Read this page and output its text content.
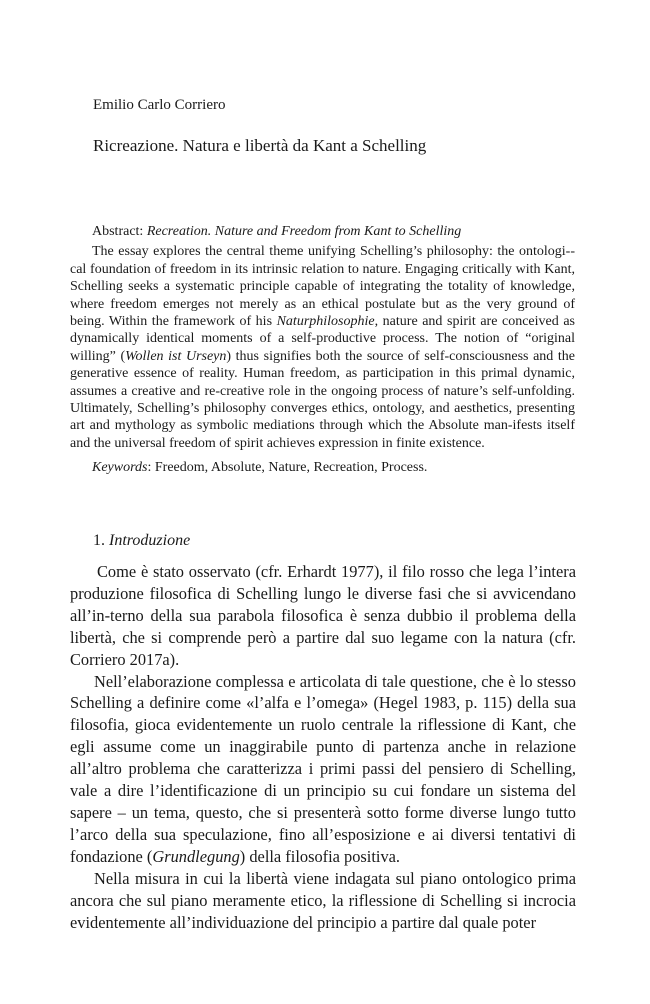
Emilio Carlo Corriero

Ricreazione. Natura e libertà da Kant a Schelling

Abstract: Recreation. Nature and Freedom from Kant to Schelling

The essay explores the central theme unifying Schelling’s philosophy: the ontologi-cal foundation of freedom in its intrinsic relation to nature. Engaging critically with Kant, Schelling seeks a systematic principle capable of integrating the totality of knowledge, where freedom emerges not merely as an ethical postulate but as the very ground of being. Within the framework of his Naturphilosophie, nature and spirit are conceived as dynamically identical moments of a self-productive process. The notion of “original willing” (Wollen ist Urseyn) thus signifies both the source of self-consciousness and the generative essence of reality. Human freedom, as participation in this primal dynamic, assumes a creative and re-creative role in the ongoing process of nature’s self-unfolding. Ultimately, Schelling’s philosophy converges ethics, ontology, and aesthetics, presenting art and mythology as symbolic mediations through which the Absolute man-ifests itself and the universal freedom of spirit achieves expression in finite existence.

Keywords: Freedom, Absolute, Nature, Recreation, Process.

1. Introduzione

Come è stato osservato (cfr. Erhardt 1977), il filo rosso che lega l’intera produzione filosofica di Schelling lungo le diverse fasi che si avvicendano all’in-terno della sua parabola filosofica è senza dubbio il problema della libertà, che si comprende però a partire dal suo legame con la natura (cfr. Corriero 2017a).

Nell’elaborazione complessa e articolata di tale questione, che è lo stesso Schelling a definire come «l’alfa e l’omega» (Hegel 1983, p. 115) della sua filosofia, gioca evidentemente un ruolo centrale la riflessione di Kant, che egli assume come un inaggirabile punto di partenza anche in relazione all’altro problema che caratterizza i primi passi del pensiero di Schelling, vale a dire l’identificazione di un principio su cui fondare un sistema del sapere – un tema, questo, che si presenterà sotto forme diverse lungo tutto l’arco della sua speculazione, fino all’esposizione e ai diversi tentativi di fondazione (Grundlegung) della filosofia positiva.

Nella misura in cui la libertà viene indagata sul piano ontologico prima ancora che sul piano meramente etico, la riflessione di Schelling si incrocia evidentemente all’individuazione del principio a partire dal quale poter
